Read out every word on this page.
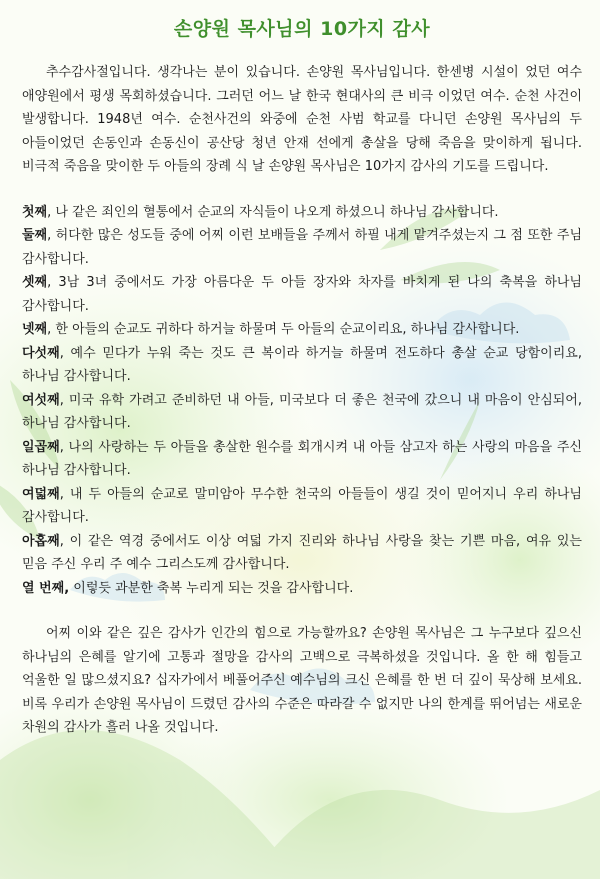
손양원 목사님의 10가지 감사

추수감사절입니다. 생각나는 분이 있습니다. 손양원 목사님입니다. 한센병 시설이 었던 여수 애양원에서 평생 목회하셨습니다. 그러던 어느 날 한국 현대사의 큰 비극 이었던 여수. 순천 사건이 발생합니다. 1948년 여수. 순천사건의 와중에 순천 사범 학교를 다니던 손양원 목사님의 두 아들이었던 손동인과 손동신이 공산당 청년 안재 선에게 총살을 당해 죽음을 맞이하게 됩니다. 비극적 죽음을 맞이한 두 아들의 장례 식 날 손양원 목사님은 10가지 감사의 기도를 드립니다.

첫째, 나 같은 죄인의 혈통에서 순교의 자식들이 나오게 하셨으니 하나님 감사합니다.

둘째, 허다한 많은 성도들 중에 어찌 이런 보배들을 주께서 하필 내게 맡겨주셨는지 그 점 또한 주님 감사합니다.

셋째, 3남 3녀 중에서도 가장 아름다운 두 아들 장자와 차자를 바치게 된 나의 축복을 하나님 감사합니다.

넷째, 한 아들의 순교도 귀하다 하거늘 하물며 두 아들의 순교이리요, 하나님 감사합니다.

다섯째, 예수 믿다가 누워 죽는 것도 큰 복이라 하거늘 하물며 전도하다 총살 순교 당함이리요, 하나님 감사합니다.

여섯째, 미국 유학 가려고 준비하던 내 아들, 미국보다 더 좋은 천국에 갔으니 내 마음이 안심되어, 하나님 감사합니다.

일곱째, 나의 사랑하는 두 아들을 총살한 원수를 회개시켜 내 아들 삼고자 하는 사랑의 마음을 주신 하나님 감사합니다.

여덟째, 내 두 아들의 순교로 말미암아 무수한 천국의 아들들이 생길 것이 믿어지니 우리 하나님 감사합니다.

아홉째, 이 같은 역경 중에서도 이상 여덟 가지 진리와 하나님 사랑을 찾는 기쁜 마음, 여유 있는 믿음 주신 우리 주 예수 그리스도께 감사합니다.

열 번째, 이렇듯 과분한 축복 누리게 되는 것을 감사합니다.

어찌 이와 같은 깊은 감사가 인간의 힘으로 가능할까요? 손양원 목사님은 그 누구보다 깊으신 하나님의 은혜를 알기에 고통과 절망을 감사의 고백으로 극복하셨을 것입니다. 올 한 해 힘들고 억울한 일 많으셨지요? 십자가에서 베풀어주신 예수님의 크신 은혜를 한 번 더 깊이 묵상해 보세요. 비록 우리가 손양원 목사님이 드렸던 감사의 수준은 따라갈 수 없지만 나의 한계를 뛰어넘는 새로운 차원의 감사가 흘러 나올 것입니다.
